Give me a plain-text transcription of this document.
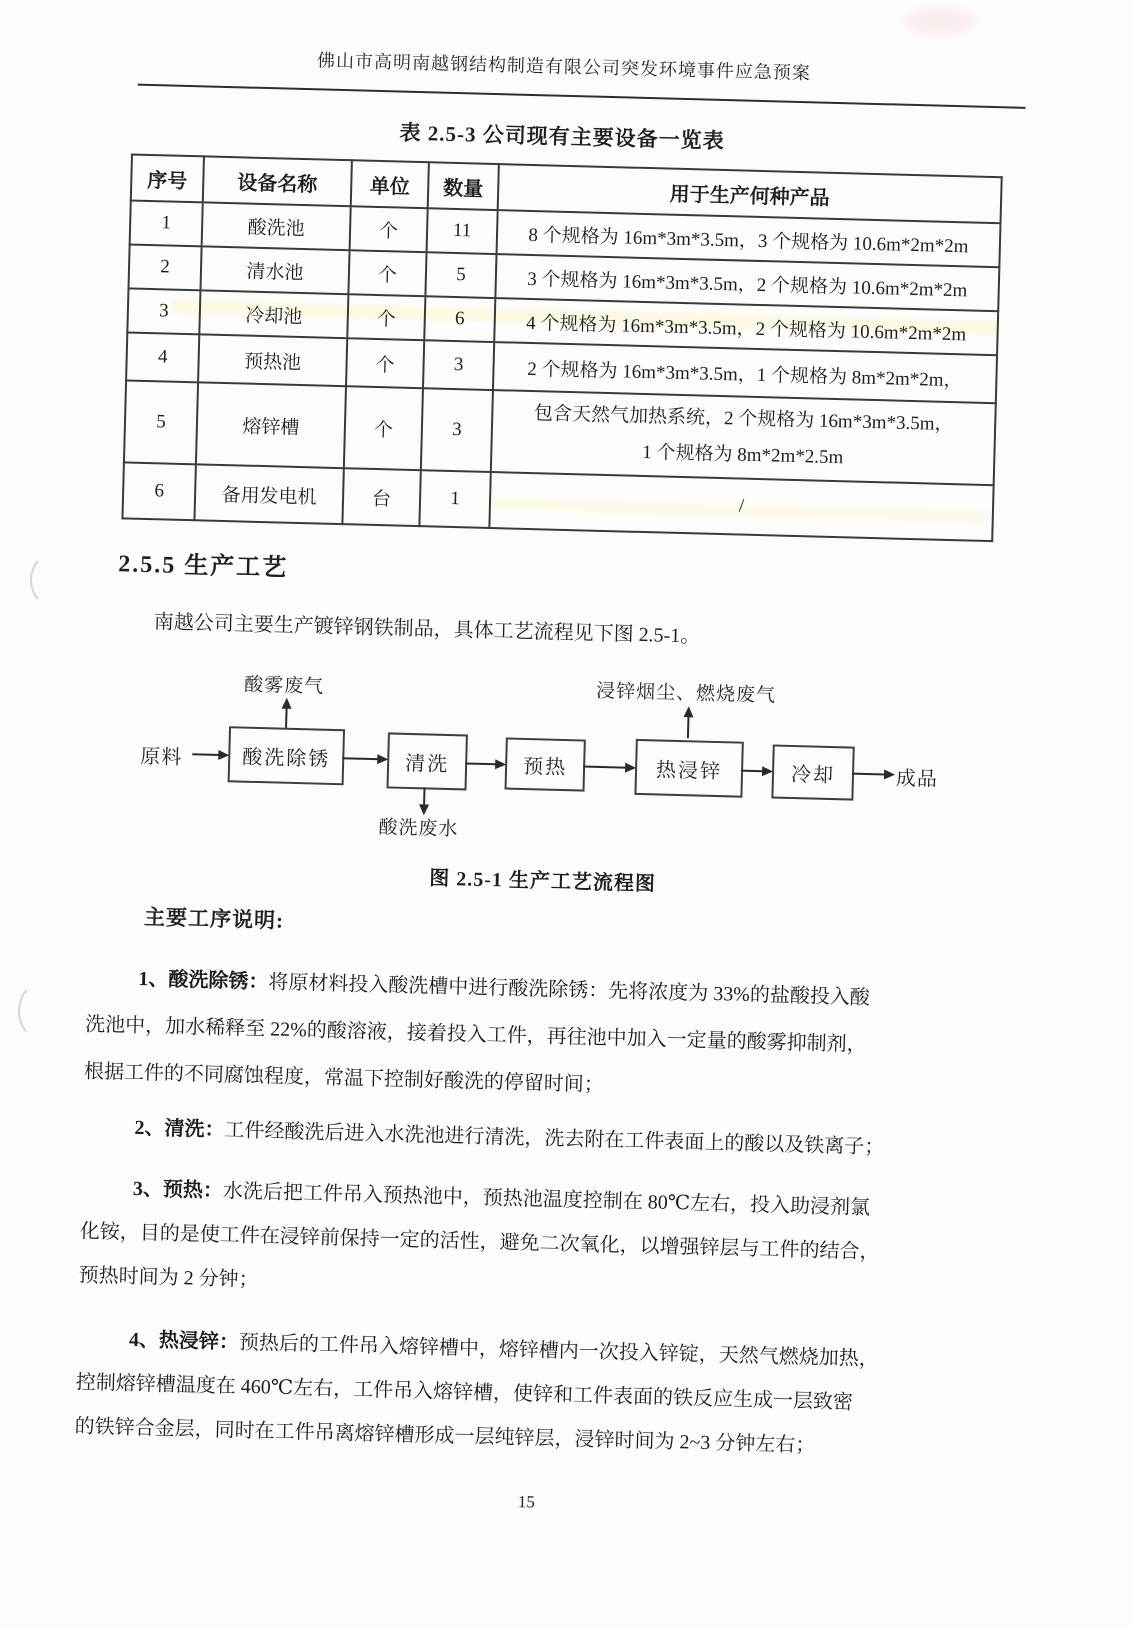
佛山市高明南越钢结构制造有限公司突发环境事件应急预案
表 2.5-3 公司现有主要设备一览表
序号	设备名称	单位	数量	用于生产何种产品
1	酸洗池	个	11	8 个规格为 16m*3m*3.5m，3 个规格为 10.6m*2m*2m
2	清水池	个	5	3 个规格为 16m*3m*3.5m，2 个规格为 10.6m*2m*2m
3	冷却池	个	6	4 个规格为 16m*3m*3.5m，2 个规格为 10.6m*2m*2m
4	预热池	个	3	2 个规格为 16m*3m*3.5m，1 个规格为 8m*2m*2m，
5	熔锌槽	个	3	包含天然气加热系统，2 个规格为 16m*3m*3.5m，
1 个规格为 8m*2m*2.5m
6	备用发电机	台	1	/
2.5.5 生产工艺
南越公司主要生产镀锌钢铁制品，具体工艺流程见下图 2.5-1。
酸雾废气	浸锌烟尘、燃烧废气
原料	酸洗除锈	清洗
酸洗废水
预热	热浸锌	冷却	成品
图 2.5-1 生产工艺流程图
主要工序说明:
1、酸洗除锈：将原材料投入酸洗槽中进行酸洗除锈：先将浓度为 33%的盐酸投入酸
洗池中，加水稀释至 22%的酸溶液，接着投入工件，再往池中加入一定量的酸雾抑制剂，
根据工件的不同腐蚀程度，常温下控制好酸洗的停留时间；
2、清洗：工件经酸洗后进入水洗池进行清洗，洗去附在工件表面上的酸以及铁离子；
3、预热：水洗后把工件吊入预热池中，预热池温度控制在 80℃左右，投入助浸剂氯
化铵，目的是使工件在浸锌前保持一定的活性，避免二次氧化，以增强锌层与工件的结合，
预热时间为 2 分钟；
4、热浸锌：预热后的工件吊入熔锌槽中，熔锌槽内一次投入锌锭，天然气燃烧加热，
控制熔锌槽温度在 460℃左右，工件吊入熔锌槽，使锌和工件表面的铁反应生成一层致密
的铁锌合金层，同时在工件吊离熔锌槽形成一层纯锌层，浸锌时间为 2~3 分钟左右；
15
